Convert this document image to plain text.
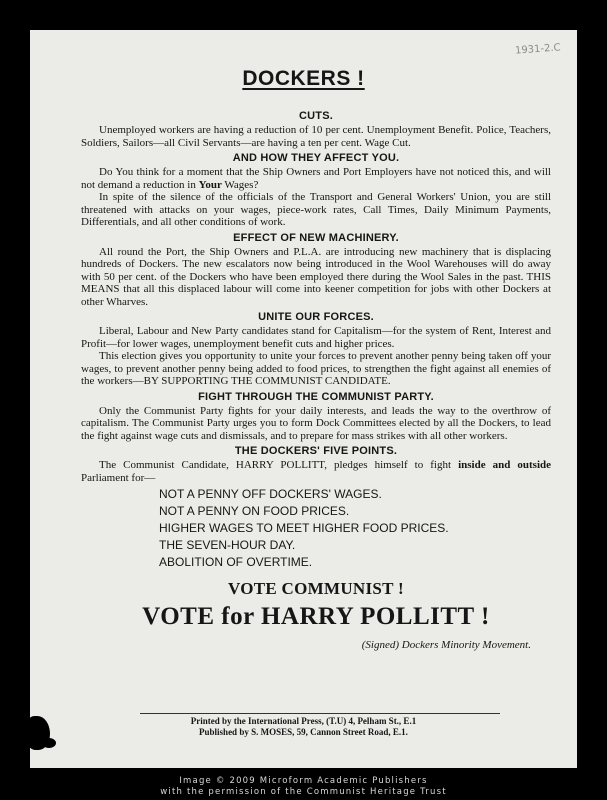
1931-2.C
DOCKERS !
CUTS.

Unemployed workers are having a reduction of 10 per cent. Unemployment Benefit. Police, Teachers, Soldiers, Sailors—all Civil Servants—are having a ten per cent. Wage Cut.

AND HOW THEY AFFECT YOU.

Do You think for a moment that the Ship Owners and Port Employers have not noticed this, and will not demand a reduction in Your Wages?

In spite of the silence of the officials of the Transport and General Workers' Union, you are still threatened with attacks on your wages, piece-work rates, Call Times, Daily Minimum Payments, Differentials, and all other conditions of work.

EFFECT OF NEW MACHINERY.

All round the Port, the Ship Owners and P.L.A. are introducing new machinery that is displacing hundreds of Dockers. The new escalators now being introduced in the Wool Warehouses will do away with 50 per cent. of the Dockers who have been employed there during the Wool Sales in the past. THIS MEANS that all this displaced labour will come into keener competition for jobs with other Dockers at other Wharves.

UNITE OUR FORCES.

Liberal, Labour and New Party candidates stand for Capitalism—for the system of Rent, Interest and Profit—for lower wages, unemployment benefit cuts and higher prices.

This election gives you opportunity to unite your forces to prevent another penny being taken off your wages, to prevent another penny being added to food prices, to strengthen the fight against all enemies of the workers—BY SUPPORTING THE COMMUNIST CANDIDATE.

FIGHT THROUGH THE COMMUNIST PARTY.

Only the Communist Party fights for your daily interests, and leads the way to the overthrow of capitalism. The Communist Party urges you to form Dock Committees elected by all the Dockers, to lead the fight against wage cuts and dismissals, and to prepare for mass strikes with all other workers.

THE DOCKERS' FIVE POINTS.

The Communist Candidate, HARRY POLLITT, pledges himself to fight inside and outside Parliament for—

NOT A PENNY OFF DOCKERS' WAGES.
NOT A PENNY ON FOOD PRICES.
HIGHER WAGES TO MEET HIGHER FOOD PRICES.
THE SEVEN-HOUR DAY.
ABOLITION OF OVERTIME.
VOTE COMMUNIST !
VOTE for HARRY POLLITT !
(Signed) Dockers Minority Movement.
Printed by the International Press, (T.U) 4, Pelham St., E.1
Published by S. MOSES, 59, Cannon Street Road, E.1.
Image © 2009 Microform Academic Publishers
with the permission of the Communist Heritage Trust
